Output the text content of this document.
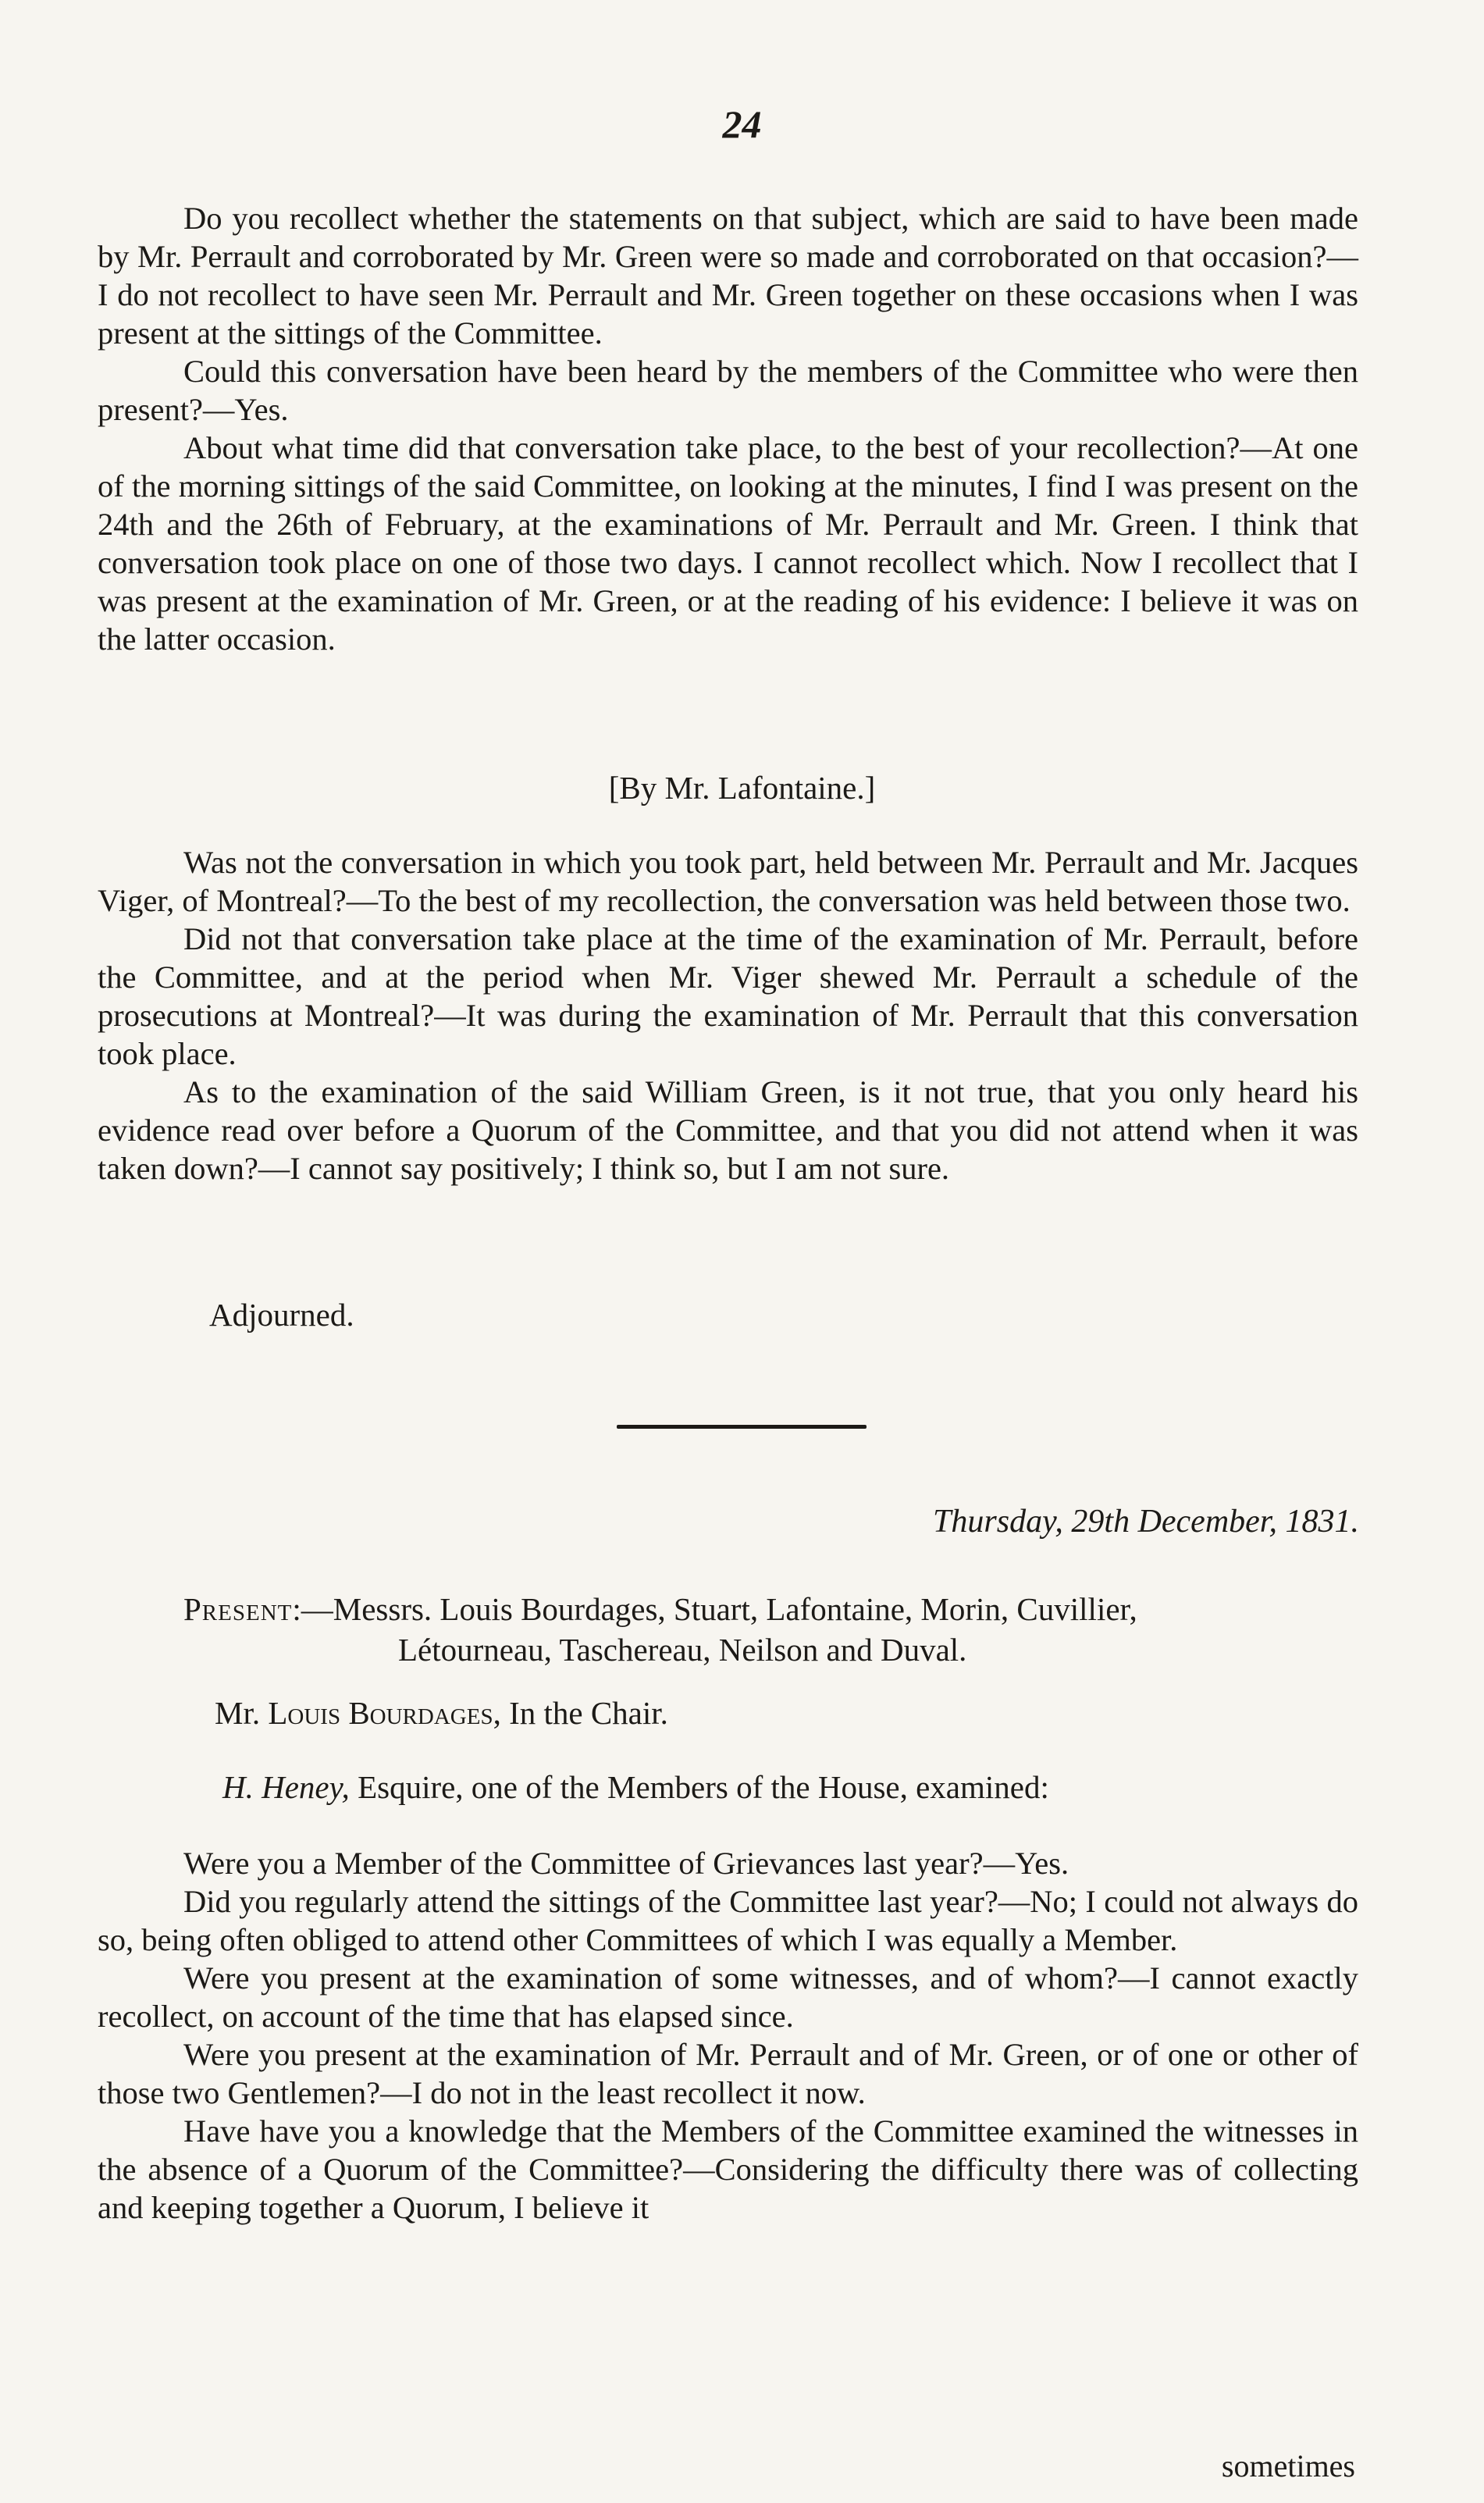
24

Do you recollect whether the statements on that subject, which are said to have been made by Mr. Perrault and corroborated by Mr. Green were so made and corroborated on that occasion?—I do not recollect to have seen Mr. Perrault and Mr. Green together on these occasions when I was present at the sittings of the Committee.

Could this conversation have been heard by the members of the Committee who were then present?—Yes.

About what time did that conversation take place, to the best of your recollection?—At one of the morning sittings of the said Committee, on looking at the minutes, I find I was present on the 24th and the 26th of February, at the examinations of Mr. Perrault and Mr. Green. I think that conversation took place on one of those two days. I cannot recollect which. Now I recollect that I was present at the examination of Mr. Green, or at the reading of his evidence: I believe it was on the latter occasion.

[By Mr. Lafontaine.]

Was not the conversation in which you took part, held between Mr. Perrault and Mr. Jacques Viger, of Montreal?—To the best of my recollection, the conversation was held between those two.

Did not that conversation take place at the time of the examination of Mr. Perrault, before the Committee, and at the period when Mr. Viger shewed Mr. Perrault a schedule of the prosecutions at Montreal?—It was during the examination of Mr. Perrault that this conversation took place.

As to the examination of the said William Green, is it not true, that you only heard his evidence read over before a Quorum of the Committee, and that you did not attend when it was taken down?—I cannot say positively; I think so, but I am not sure.

Adjourned.
Thursday, 29th December, 1831.
Present:—Messrs. Louis Bourdages, Stuart, Lafontaine, Morin, Cuvillier,
Létourneau, Taschereau, Neilson and Duval.
Mr. Louis Bourdages, In the Chair.
H. Heney, Esquire, one of the Members of the House, examined:

Were you a Member of the Committee of Grievances last year?—Yes.

Did you regularly attend the sittings of the Committee last year?—No; I could not always do so, being often obliged to attend other Committees of which I was equally a Member.

Were you present at the examination of some witnesses, and of whom?—I cannot exactly recollect, on account of the time that has elapsed since.

Were you present at the examination of Mr. Perrault and of Mr. Green, or of one or other of those two Gentlemen?—I do not in the least recollect it now.

Have have you a knowledge that the Members of the Committee examined the witnesses in the absence of a Quorum of the Committee?—Considering the difficulty there was of collecting and keeping together a Quorum, I believe it

sometimes
